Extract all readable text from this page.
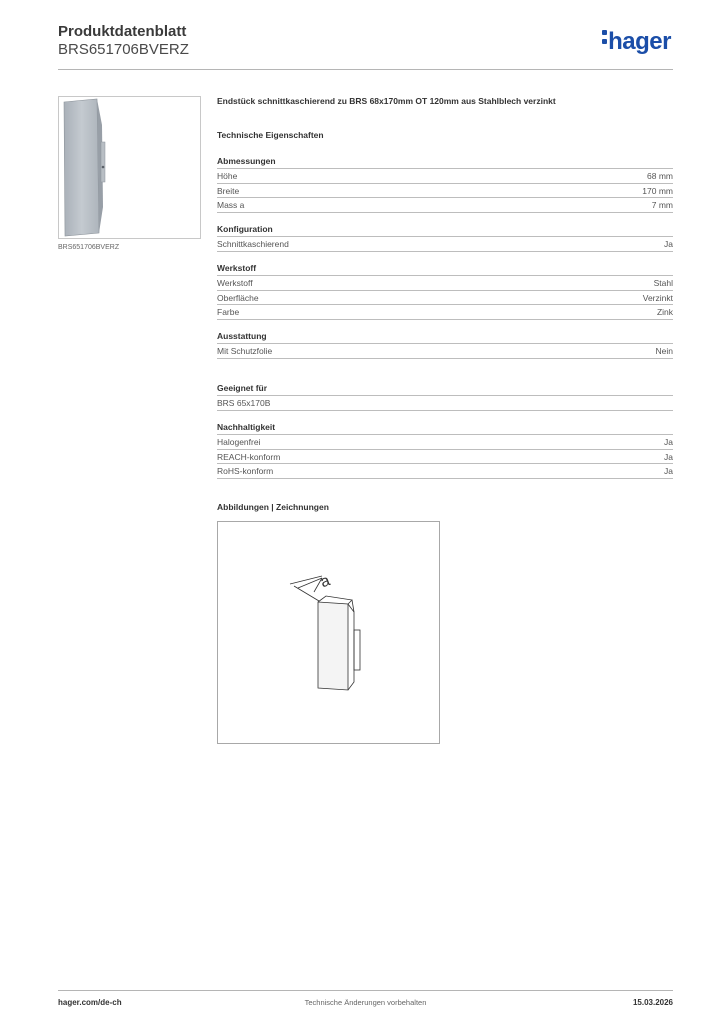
Produktdatenblatt
BRS651706BVERZ	hager
BRS651706BVERZ
Endstück schnittkaschierend zu BRS 68x170mm OT 120mm aus Stahlblech verzinkt
Technische Eigenschaften
Abmessungen
Höhe	68 mm
Breite	170 mm
Mass a	7 mm
Konfiguration
Schnittkaschierend	Ja
Werkstoff
Werkstoff	Stahl
Oberfläche	Verzinkt
Farbe	Zink
Ausstattung
Mit Schutzfolie	Nein
Geeignet für
BRS 65x170B
Nachhaltigkeit
Halogenfrei	Ja
REACH-konform	Ja
RoHS-konform	Ja
Abbildungen | Zeichnungen
a
hager.com/de-ch	Technische Änderungen vorbehalten	15.03.2026
